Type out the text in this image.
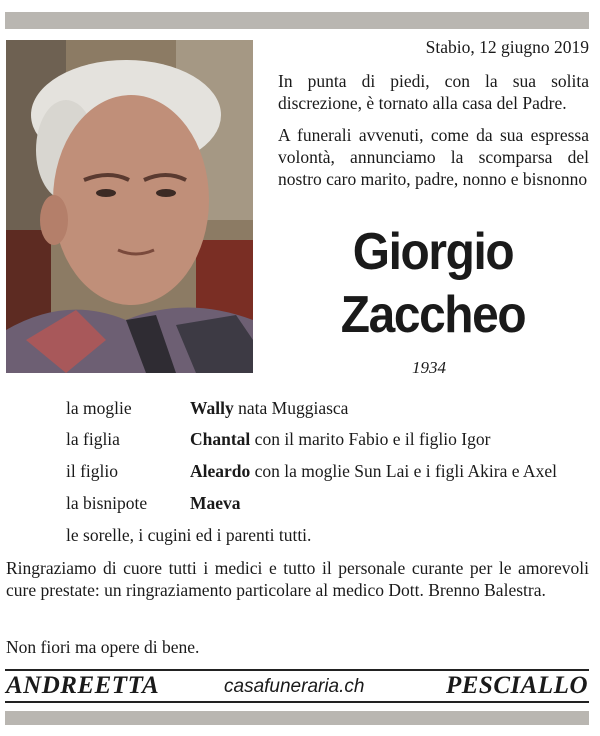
Stabio, 12 giugno 2019
In punta di piedi, con la sua solita discrezione, è tornato alla casa del Padre.
A funerali avvenuti, come da sua espressa volontà, annunciamo la scomparsa del nostro caro marito, padre, nonno e bisnonno
Giorgio
Zaccheo
1934
la moglie	Wally nata Muggiasca
la figlia	Chantal con il marito Fabio e il figlio Igor
il figlio	Aleardo con la moglie Sun Lai e i figli Akira e Axel
la bisnipote Maeva
le sorelle, i cugini ed i parenti tutti.
Ringraziamo di cuore tutti i medici e tutto il personale curante per le amorevoli cure prestate: un ringraziamento particolare al medico Dott. Brenno Balestra.
Non fiori ma opere di bene.
ANDREETTA	casafuneraria.ch	PESCIALLO
